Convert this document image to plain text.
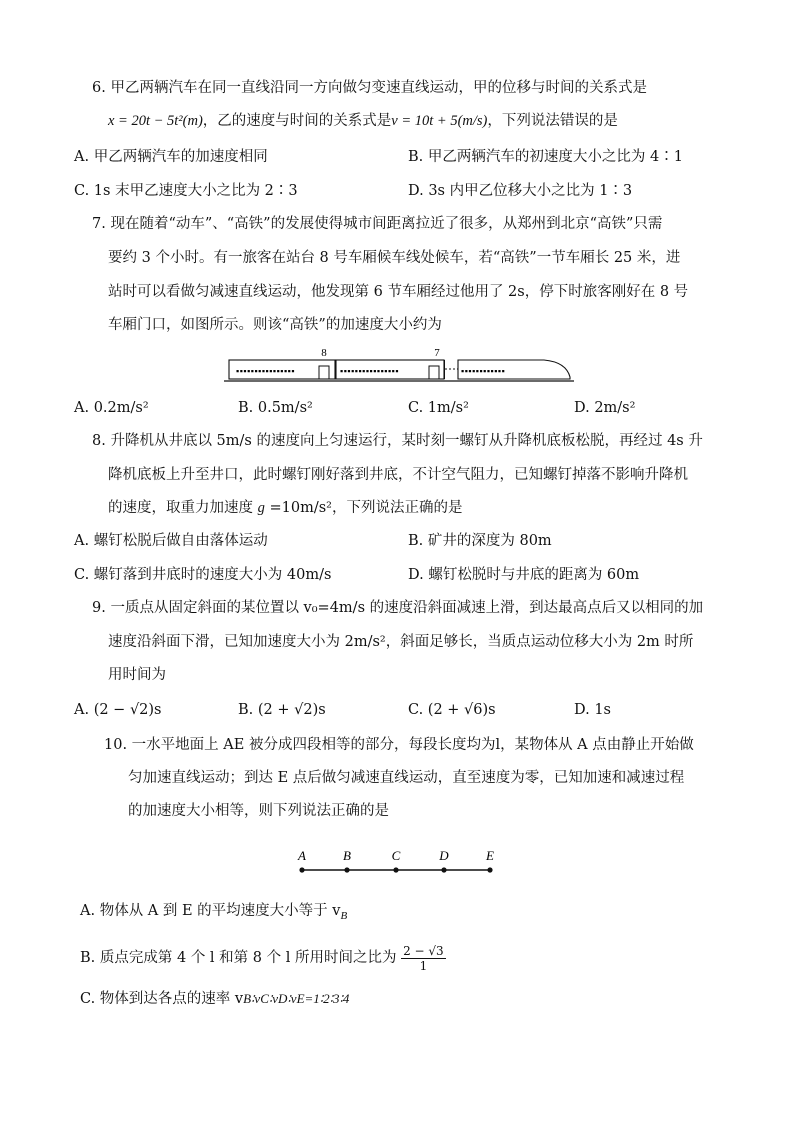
6. 甲乙两辆汽车在同一直线沿同一方向做匀变速直线运动，甲的位移与时间的关系式是
x = 20t − 5t²(m)，乙的速度与时间的关系式是v = 10t + 5(m/s)，下列说法错误的是
A. 甲乙两辆汽车的加速度相同	B. 甲乙两辆汽车的初速度大小之比为 4∶1
C. 1s 末甲乙速度大小之比为 2∶3	D. 3s 内甲乙位移大小之比为 1∶3
7. 现在随着“动车”、“高铁”的发展使得城市间距离拉近了很多，从郑州到北京“高铁”只需
要约 3 个小时。有一旅客在站台 8 号车厢候车线处候车，若“高铁”一节车厢长 25 米，进
站时可以看做匀减速直线运动，他发现第 6 节车厢经过他用了 2s，停下时旅客刚好在 8 号
车厢门口，如图所示。则该“高铁”的加速度大小约为
▪▪▪▪▪▪▪▪▪▪▪▪▪▪▪▪	▪▪▪▪▪▪▪▪▪▪▪▪▪▪▪▪	▪▪▪▪▪▪▪▪▪▪▪▪
8	7
A. 0.2m/s²	B. 0.5m/s²	C. 1m/s²	D. 2m/s²
8. 升降机从井底以 5m/s 的速度向上匀速运行，某时刻一螺钉从升降机底板松脱，再经过 4s 升
降机底板上升至井口，此时螺钉刚好落到井底，不计空气阻力，已知螺钉掉落不影响升降机
的速度，取重力加速度 g =10m/s²，下列说法正确的是
A. 螺钉松脱后做自由落体运动	B. 矿井的深度为 80m
C. 螺钉落到井底时的速度大小为 40m/s	D. 螺钉松脱时与井底的距离为 60m
9. 一质点从固定斜面的某位置以 v₀=4m/s 的速度沿斜面减速上滑，到达最高点后又以相同的加
速度沿斜面下滑，已知加速度大小为 2m/s²，斜面足够长，当质点运动位移大小为 2m 时所
用时间为
A. (2 − √2)s	B. (2 + √2)s	C. (2 + √6)s	D. 1s
10. 一水平地面上 AE 被分成四段相等的部分，每段长度均为l，某物体从 A 点由静止开始做
匀加速直线运动；到达 E 点后做匀减速直线运动，直至速度为零，已知加速和减速过程
的加速度大小相等，则下列说法正确的是
A	B	C	D	E
A. 物体从 A 到 E 的平均速度大小等于 $v_B$
B. 质点完成第 4 个 l 和第 8 个 l 所用时间之比为 $\frac{2 - √3}{1}$
C. 物体到达各点的速率 vB∶vC∶vD∶vE=1∶2∶3∶4
